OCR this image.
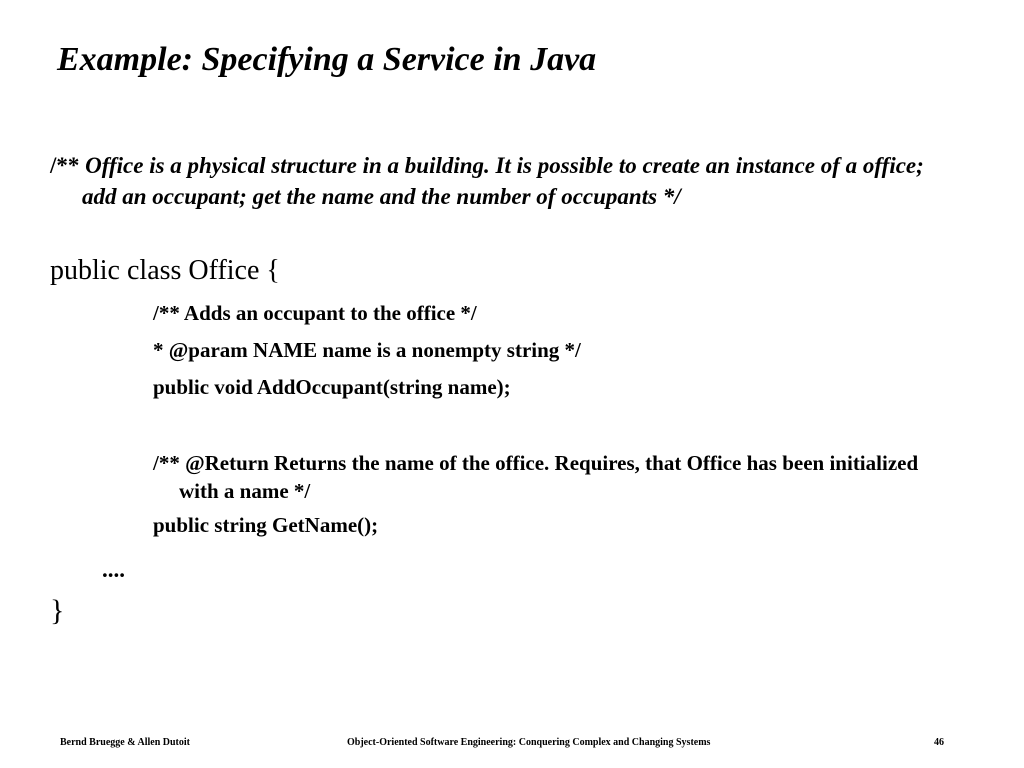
Example: Specifying a Service in Java

/** Office is a physical structure in a building. It is possible to create an instance of a office; add an occupant; get the name and the number of occupants */

public class Office {

/** Adds an occupant to the office */

* @param NAME name is a nonempty string */

public void AddOccupant(string name);

/** @Return Returns the name of the office. Requires, that Office has been initialized with a name */

public string GetName();

....

}

Bernd Bruegge & Allen Dutoit	Object-Oriented Software Engineering: Conquering Complex and Changing Systems	46
